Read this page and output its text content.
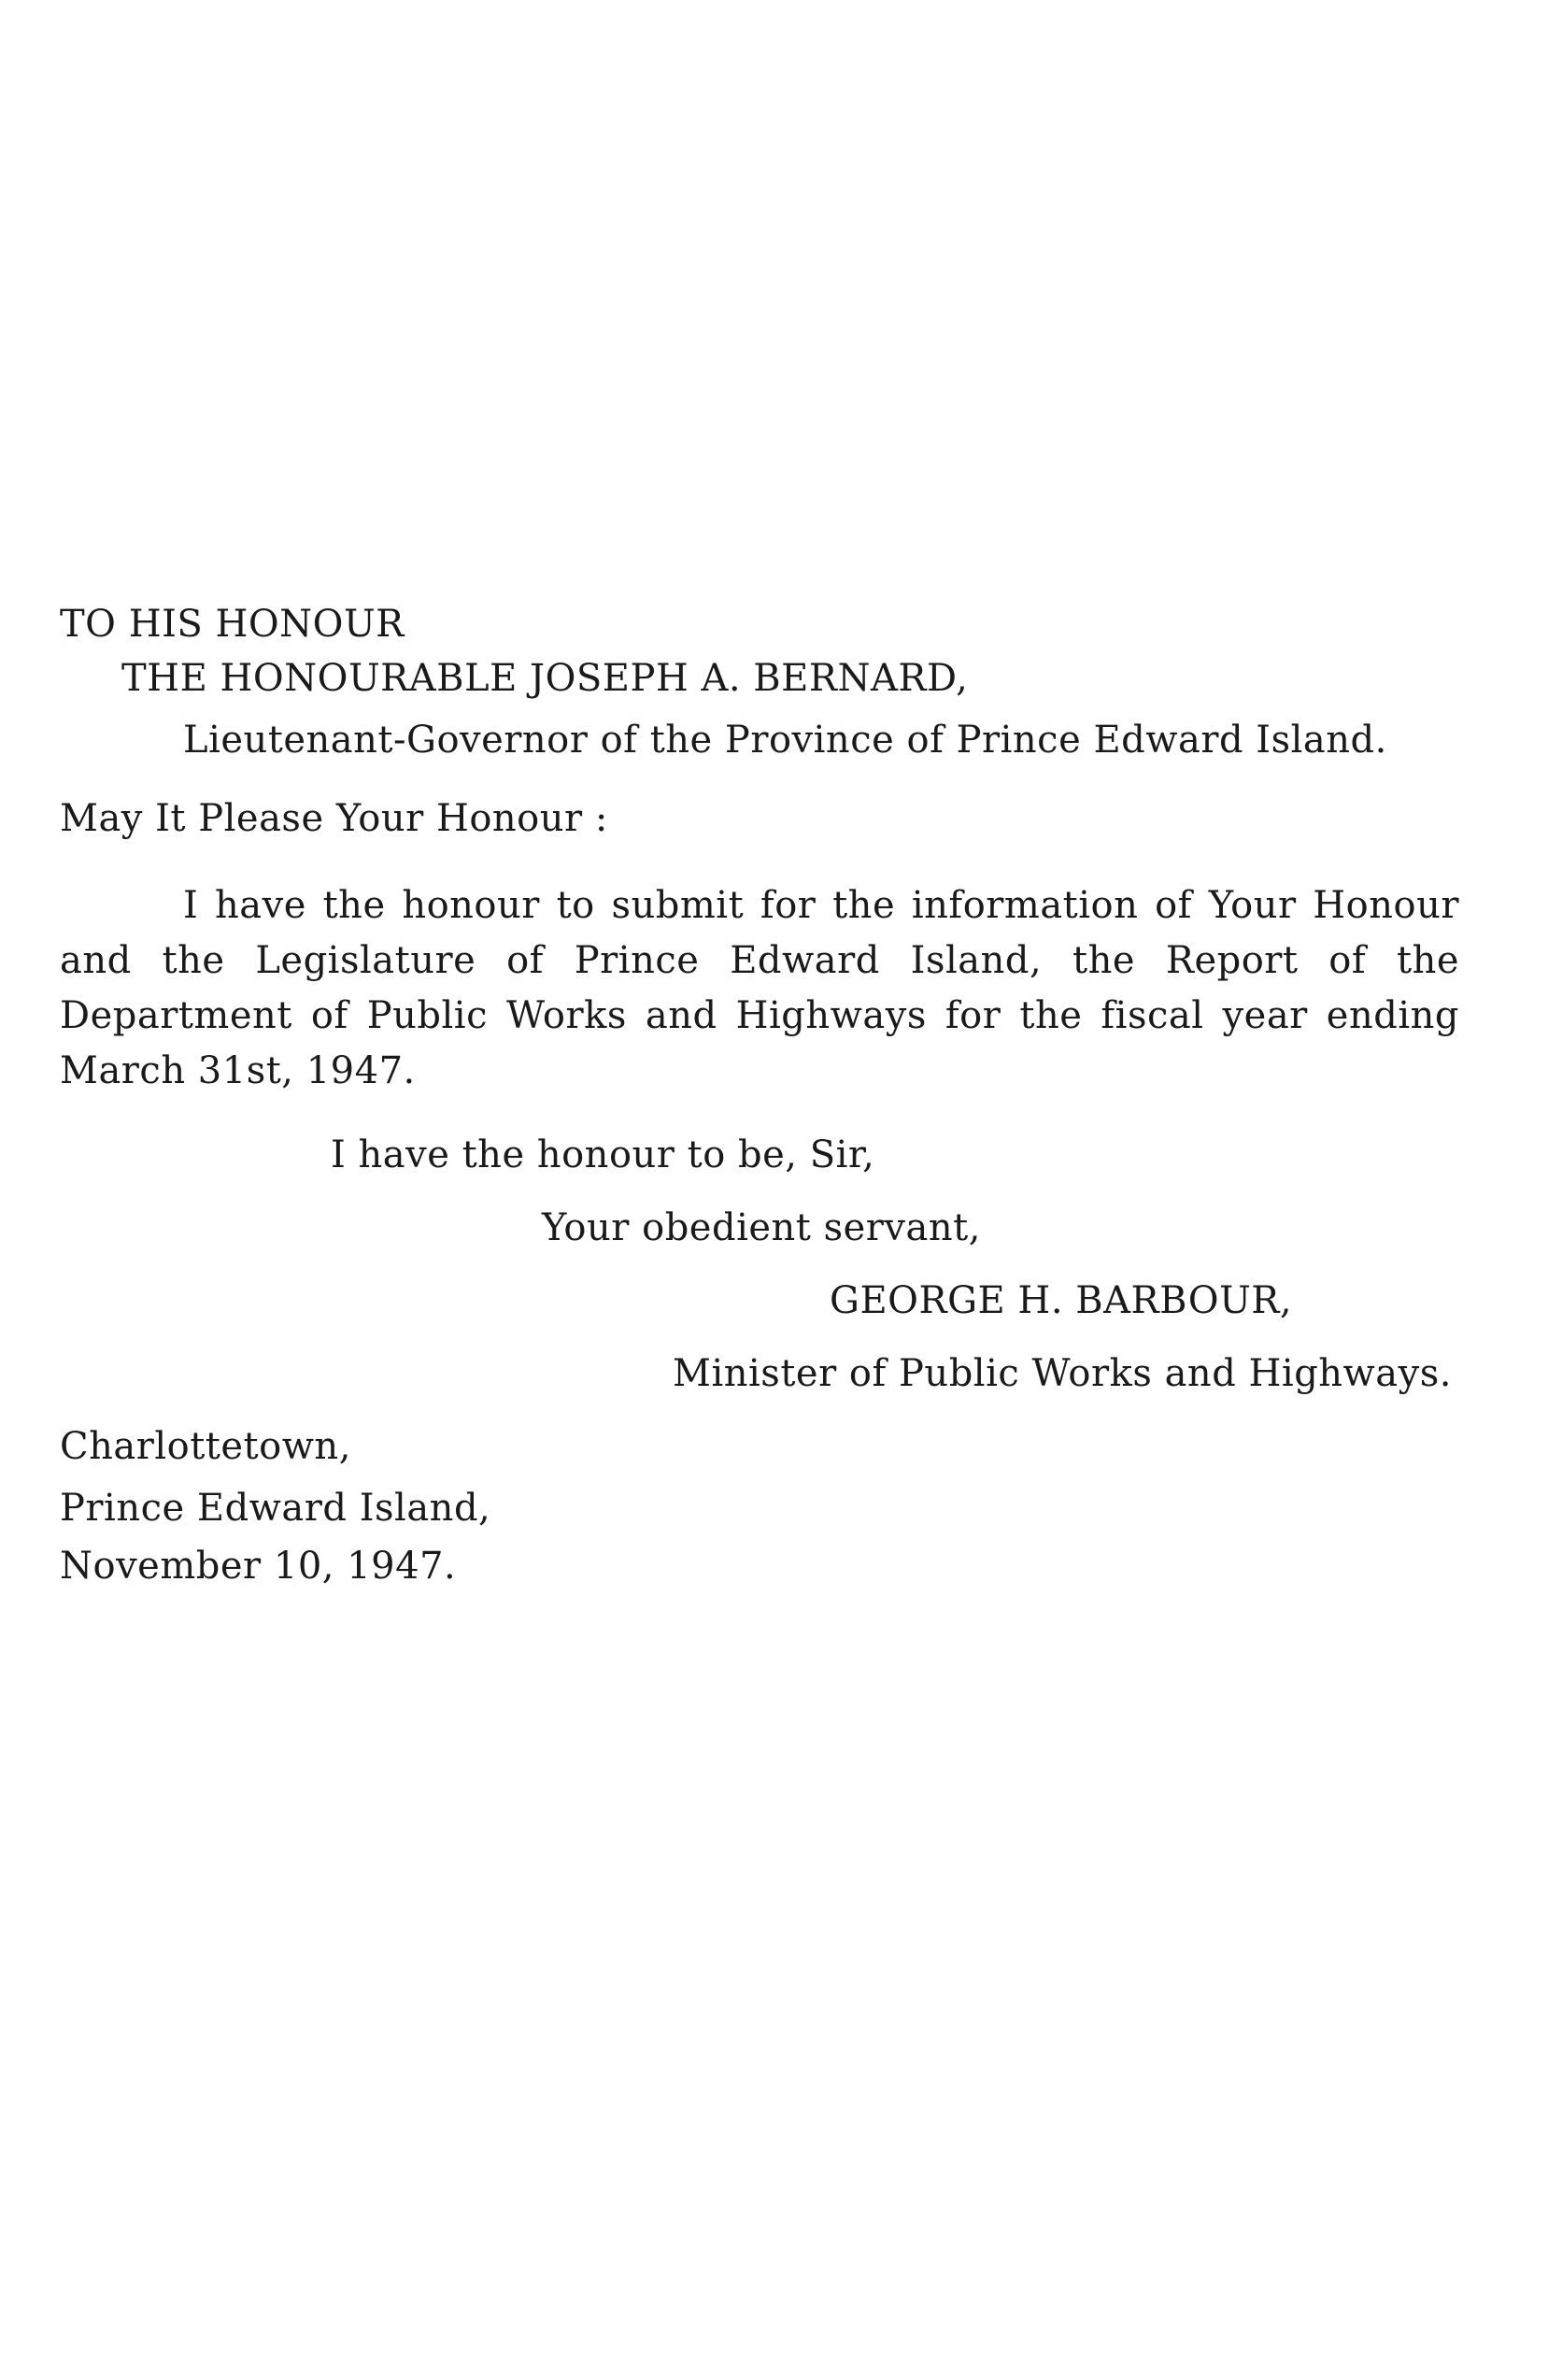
TO HIS HONOUR
THE HONOURABLE JOSEPH A. BERNARD,
Lieutenant-Governor of the Province of Prince Edward Island.
May It Please Your Honour :
I have the honour to submit for the information of Your Honour and the Legislature of Prince Edward Island, the Report of the Department of Public Works and Highways for the fiscal year ending March 31st, 1947.
I have the honour to be, Sir,
Your obedient servant,
GEORGE H. BARBOUR,
Minister of Public Works and Highways.
Charlottetown,
Prince Edward Island,
November 10, 1947.
